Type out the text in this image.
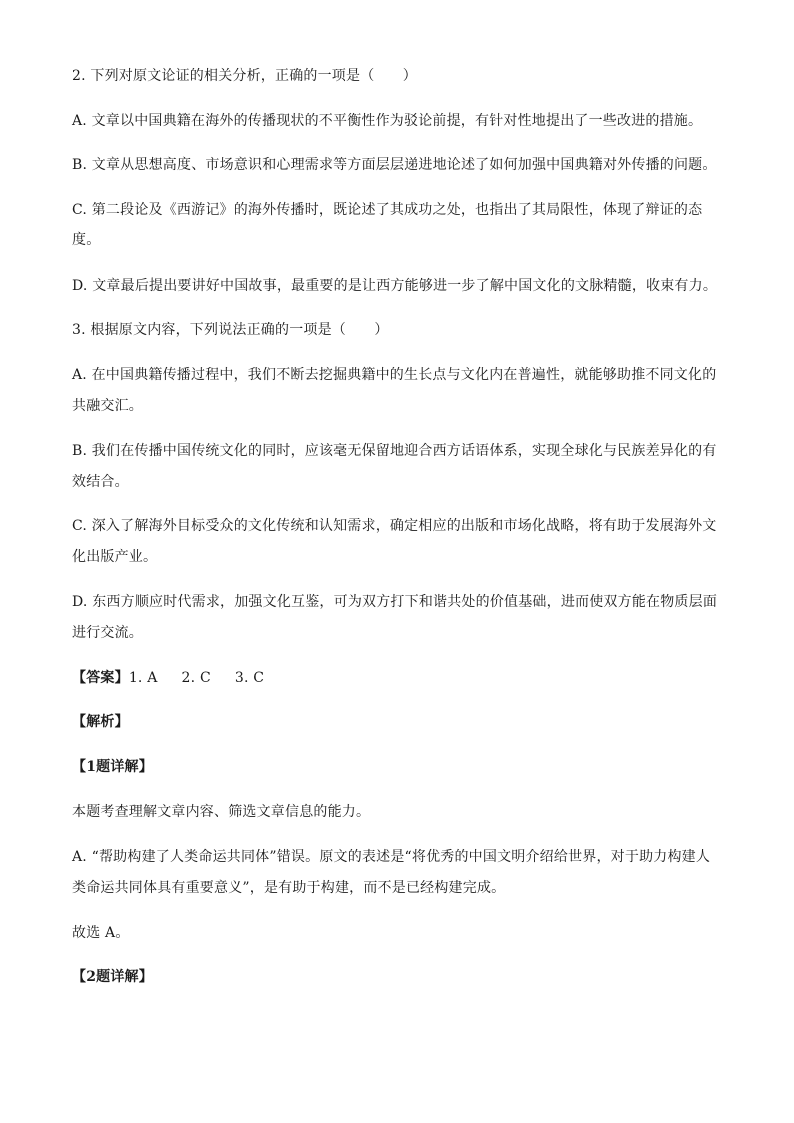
2. 下列对原文论证的相关分析，正确的一项是（　　）
A. 文章以中国典籍在海外的传播现状的不平衡性作为驳论前提，有针对性地提出了一些改进的措施。
B. 文章从思想高度、市场意识和心理需求等方面层层递进地论述了如何加强中国典籍对外传播的问题。
C. 第二段论及《西游记》的海外传播时，既论述了其成功之处，也指出了其局限性，体现了辩证的态
度。
D. 文章最后提出要讲好中国故事，最重要的是让西方能够进一步了解中国文化的文脉精髓，收束有力。
3. 根据原文内容，下列说法正确的一项是（　　）
A. 在中国典籍传播过程中，我们不断去挖掘典籍中的生长点与文化内在普遍性，就能够助推不同文化的
共融交汇。
B. 我们在传播中国传统文化的同时，应该毫无保留地迎合西方话语体系，实现全球化与民族差异化的有
效结合。
C. 深入了解海外目标受众的文化传统和认知需求，确定相应的出版和市场化战略，将有助于发展海外文
化出版产业。
D. 东西方顺应时代需求，加强文化互鉴，可为双方打下和谐共处的价值基础，进而使双方能在物质层面
进行交流。
【答案】1. A 2. C 3. C
【解析】
【1题详解】
本题考查理解文章内容、筛选文章信息的能力。
A. “帮助构建了人类命运共同体”错误。原文的表述是“将优秀的中国文明介绍给世界，对于助力构建人
类命运共同体具有重要意义”，是有助于构建，而不是已经构建完成。
故选 A。
【2题详解】
